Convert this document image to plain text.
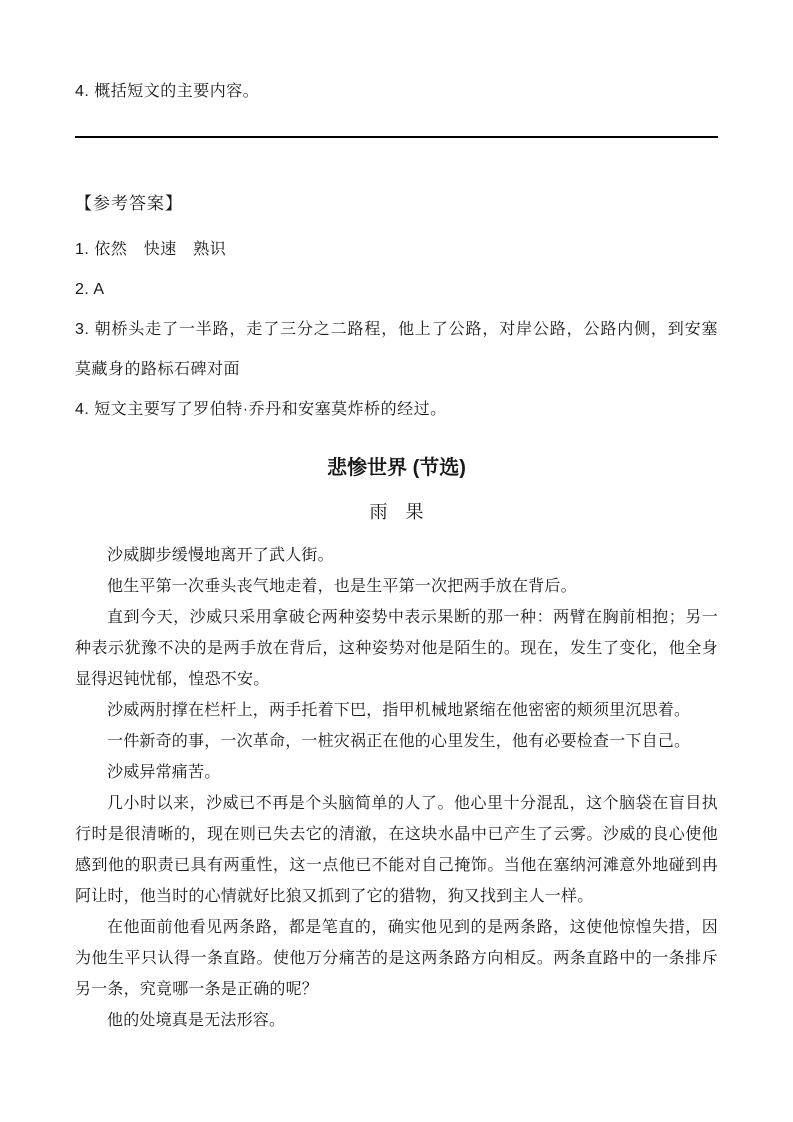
4. 概括短文的主要内容。

【参考答案】

1. 依然　快速　熟识

2. A

3. 朝桥头走了一半路，走了三分之二路程，他上了公路，对岸公路，公路内侧，到安塞莫藏身的路标石碑对面

4. 短文主要写了罗伯特·乔丹和安塞莫炸桥的经过。

悲惨世界 (节选)

雨　果

沙威脚步缓慢地离开了武人街。

他生平第一次垂头丧气地走着，也是生平第一次把两手放在背后。

直到今天，沙威只采用拿破仑两种姿势中表示果断的那一种：两臂在胸前相抱；另一种表示犹豫不决的是两手放在背后，这种姿势对他是陌生的。现在，发生了变化，他全身显得迟钝忧郁，惶恐不安。

沙威两肘撑在栏杆上，两手托着下巴，指甲机械地紧缩在他密密的颊须里沉思着。

一件新奇的事，一次革命，一桩灾祸正在他的心里发生，他有必要检查一下自己。

沙威异常痛苦。

几小时以来，沙威已不再是个头脑简单的人了。他心里十分混乱，这个脑袋在盲目执行时是很清晰的，现在则已失去它的清澈，在这块水晶中已产生了云雾。沙威的良心使他感到他的职责已具有两重性，这一点他已不能对自己掩饰。当他在塞纳河滩意外地碰到冉阿让时，他当时的心情就好比狼又抓到了它的猎物，狗又找到主人一样。

在他面前他看见两条路，都是笔直的，确实他见到的是两条路，这使他惊惶失措，因为他生平只认得一条直路。使他万分痛苦的是这两条路方向相反。两条直路中的一条排斥另一条，究竟哪一条是正确的呢？

他的处境真是无法形容。
